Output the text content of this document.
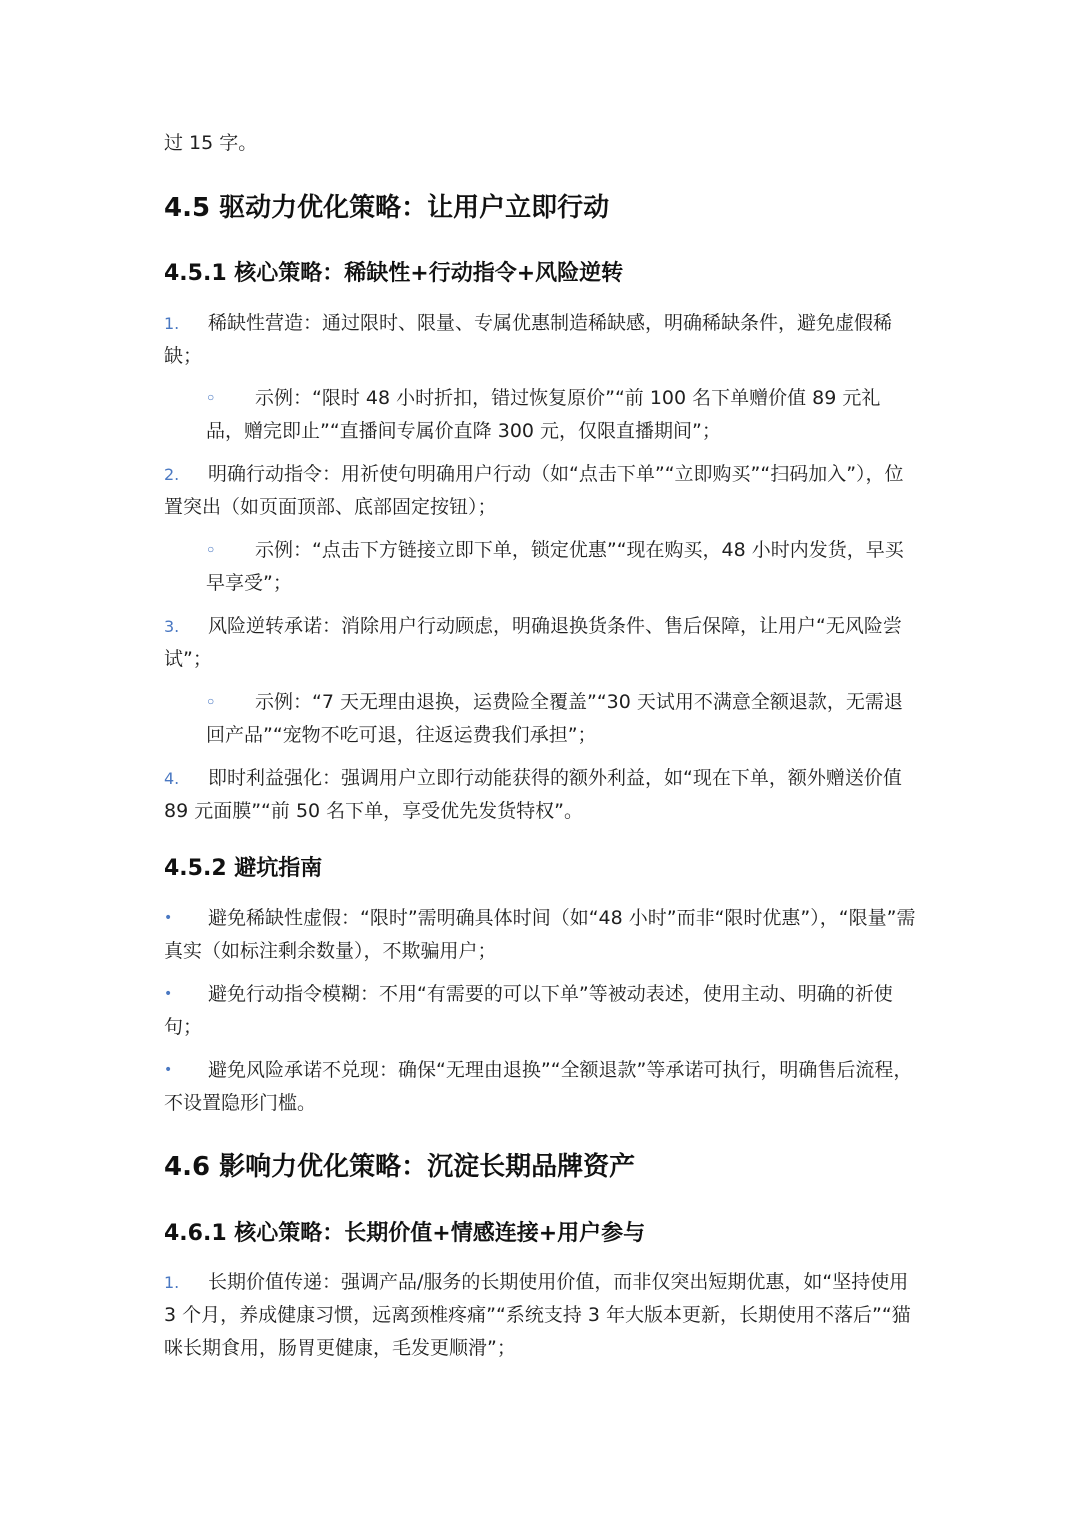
过 15 字。

4.5 驱动力优化策略：让用户立即行动
4.5.1 核心策略：稀缺性+行动指令+风险逆转

1. 稀缺性营造：通过限时、限量、专属优惠制造稀缺感，明确稀缺条件，避免虚假稀缺；

◦ 示例：“限时 48 小时折扣，错过恢复原价”“前 100 名下单赠价值 89 元礼品，赠完即止”“直播间专属价直降 300 元，仅限直播期间”；

2. 明确行动指令：用祈使句明确用户行动（如“点击下单”“立即购买”“扫码加入”），位置突出（如页面顶部、底部固定按钮）；

◦ 示例：“点击下方链接立即下单，锁定优惠”“现在购买，48 小时内发货，早买早享受”；

3. 风险逆转承诺：消除用户行动顾虑，明确退换货条件、售后保障，让用户“无风险尝试”；

◦ 示例：“7 天无理由退换，运费险全覆盖”“30 天试用不满意全额退款，无需退回产品”“宠物不吃可退，往返运费我们承担”；

4. 即时利益强化：强调用户立即行动能获得的额外利益，如“现在下单，额外赠送价值 89 元面膜”“前 50 名下单，享受优先发货特权”。

4.5.2 避坑指南

• 避免稀缺性虚假：“限时”需明确具体时间（如“48 小时”而非“限时优惠”），“限量”需真实（如标注剩余数量），不欺骗用户；

• 避免行动指令模糊：不用“有需要的可以下单”等被动表述，使用主动、明确的祈使句；

• 避免风险承诺不兑现：确保“无理由退换”“全额退款”等承诺可执行，明确售后流程，不设置隐形门槛。

4.6 影响力优化策略：沉淀长期品牌资产
4.6.1 核心策略：长期价值+情感连接+用户参与

1. 长期价值传递：强调产品/服务的长期使用价值，而非仅突出短期优惠，如“坚持使用 3 个月，养成健康习惯，远离颈椎疼痛”“系统支持 3 年大版本更新，长期使用不落后”“猫咪长期食用，肠胃更健康，毛发更顺滑”；
